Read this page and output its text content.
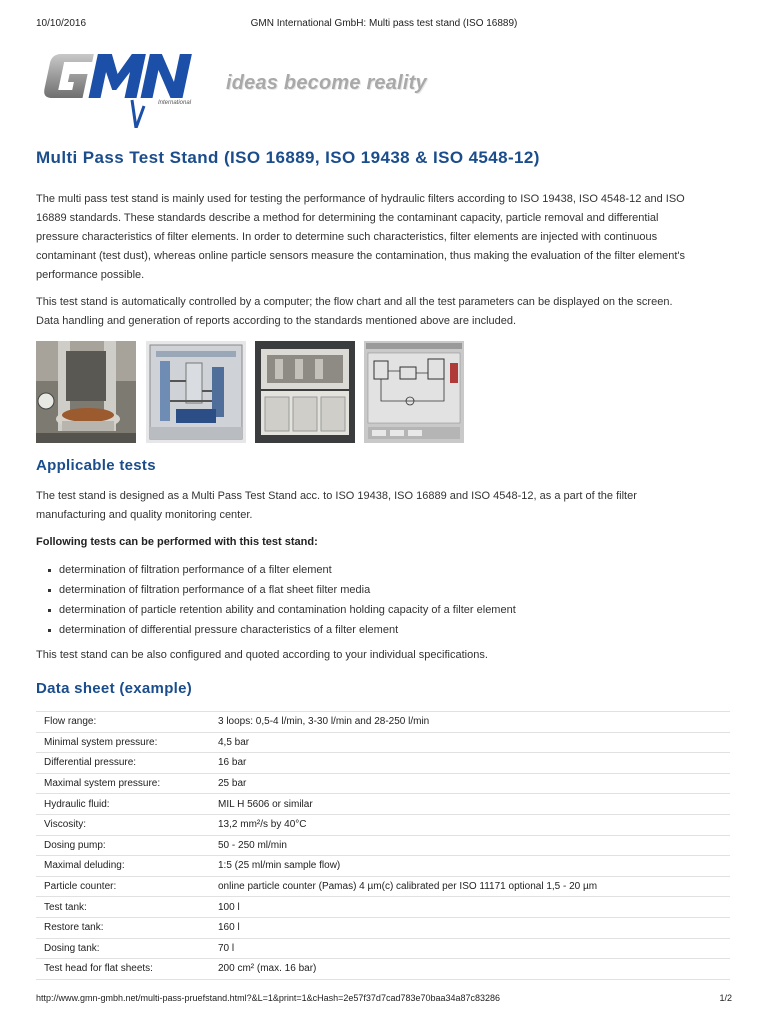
10/10/2016	GMN International GmbH: Multi pass test stand (ISO 16889)
International
ideas become reality
Multi Pass Test Stand (ISO 16889, ISO 19438 & ISO 4548-12)

The multi pass test stand is mainly used for testing the performance of hydraulic filters according to ISO 19438, ISO 4548-12 and ISO 16889 standards. These standards describe a method for determining the contaminant capacity, particle removal and differential pressure characteristics of filter elements. In order to determine such characteristics, filter elements are injected with continuous contaminant (test dust), whereas online particle sensors measure the contamination, thus making the evaluation of the filter element's performance possible.

This test stand is automatically controlled by a computer; the flow chart and all the test parameters can be displayed on the screen. Data handling and generation of reports according to the standards mentioned above are included.

Applicable tests

The test stand is designed as a Multi Pass Test Stand acc. to ISO 19438, ISO 16889 and ISO 4548-12, as a part of the filter manufacturing and quality monitoring center.

Following tests can be performed with this test stand:
determination of filtration performance of a filter element
determination of filtration performance of a flat sheet filter media
determination of particle retention ability and contamination holding capacity of a filter element
determination of differential pressure characteristics of a filter element

This test stand can be also configured and quoted according to your individual specifications.

Data sheet (example)
Flow range:	3 loops: 0,5-4 l/min, 3-30 l/min and 28-250 l/min
Minimal system pressure:	4,5 bar
Differential pressure:	16 bar
Maximal system pressure:	25 bar
Hydraulic fluid:	MIL H 5606 or similar
Viscosity:	13,2 mm²/s by 40°C
Dosing pump:	50 - 250 ml/min
Maximal deluding:	1:5 (25 ml/min sample flow)
Particle counter:	online particle counter (Pamas) 4 µm(c) calibrated per ISO 11171 optional 1,5 - 20 µm
Test tank:	100 l
Restore tank:	160 l
Dosing tank:	70 l
Test head for flat sheets:	200 cm² (max. 16 bar)
http://www.gmn-gmbh.net/multi-pass-pruefstand.html?&L=1&print=1&cHash=2e57f37d7cad783e70baa34a87c83286	1/2
